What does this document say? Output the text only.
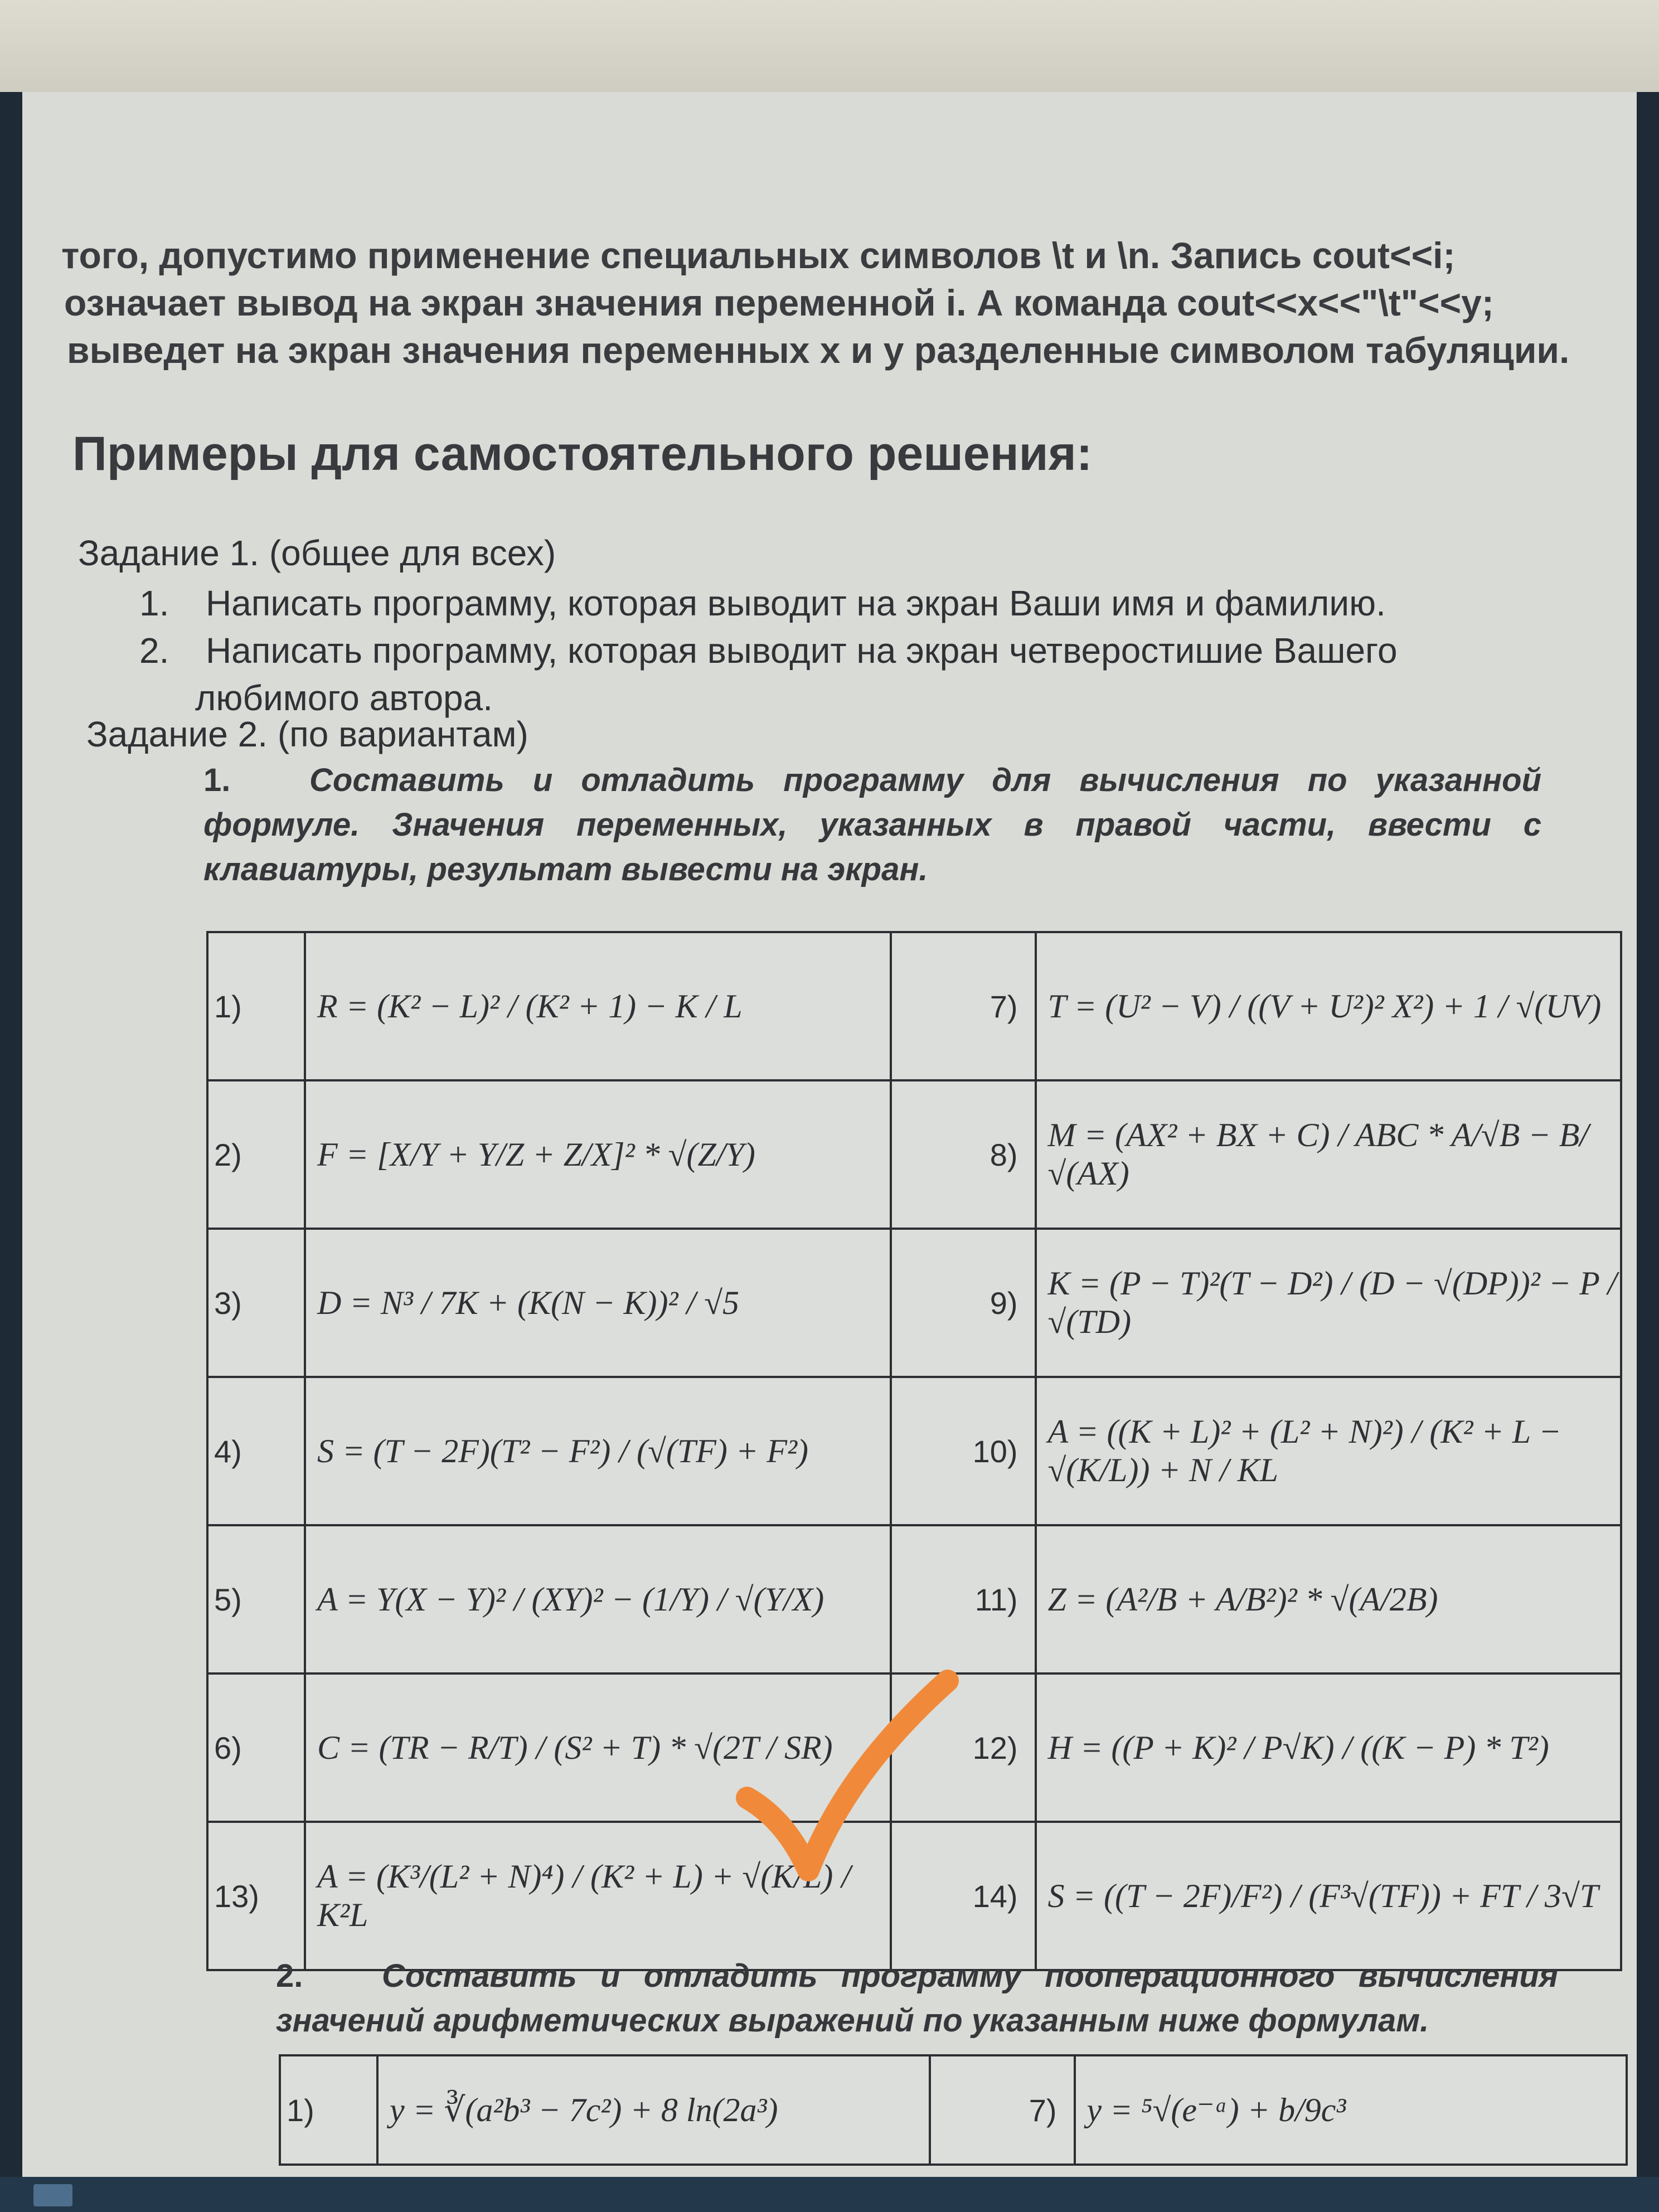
того, допустимо применение специальных символов \t и \n. Запись cout<<i;
означает вывод на экран значения переменной i. А команда cout<<x<<"\t"<<y;
выведет на экран значения переменных x и y разделенные символом табуляции.
Примеры для самостоятельного решения:
Задание 1. (общее для всех)
1. Написать программу, которая выводит на экран Ваши имя и фамилию.
2. Написать программу, которая выводит на экран четверостишие Вашего
любимого автора.
Задание 2. (по вариантам)
1. Составить и отладить программу для вычисления по указанной формуле. Значения переменных, указанных в правой части, ввести с клавиатуры, результат вывести на экран.
1)	R = (K² − L)² / (K² + 1) − K / L	7)	T = (U² − V) / ((V + U²)² X²) + 1 / √(UV)
2)	F = [X/Y + Y/Z + Z/X]² * √(Z/Y)	8)	M = (AX² + BX + C) / ABC * A/√B − B/√(AX)
3)	D = N³ / 7K + (K(N − K))² / √5	9)	K = (P − T)²(T − D²) / (D − √(DP))² − P / √(TD)
4)	S = (T − 2F)(T² − F²) / (√(TF) + F²)	10)	A = ((K + L)² + (L² + N)²) / (K² + L − √(K/L)) + N / KL
5)	A = Y(X − Y)² / (XY)² − (1/Y) / √(Y/X)	11)	Z = (A²/B + A/B²)² * √(A/2B)
6)	C = (TR − R/T) / (S² + T) * √(2T / SR)	12)	H = ((P + K)² / P√K) / ((K − P) * T²)
13)	A = (K³/(L² + N)⁴) / (K² + L) + √(K/L) / K²L	14)	S = ((T − 2F)/F²) / (F³√(TF)) + FT / 3√T
2. Составить и отладить программу пооперационного вычисления значений арифметических выражений по указанным ниже формулам.
1)	y = ∛(a²b³ − 7c²) + 8 ln(2a³)	7)	y = ⁵√(e⁻ᵃ) + b/9c³
